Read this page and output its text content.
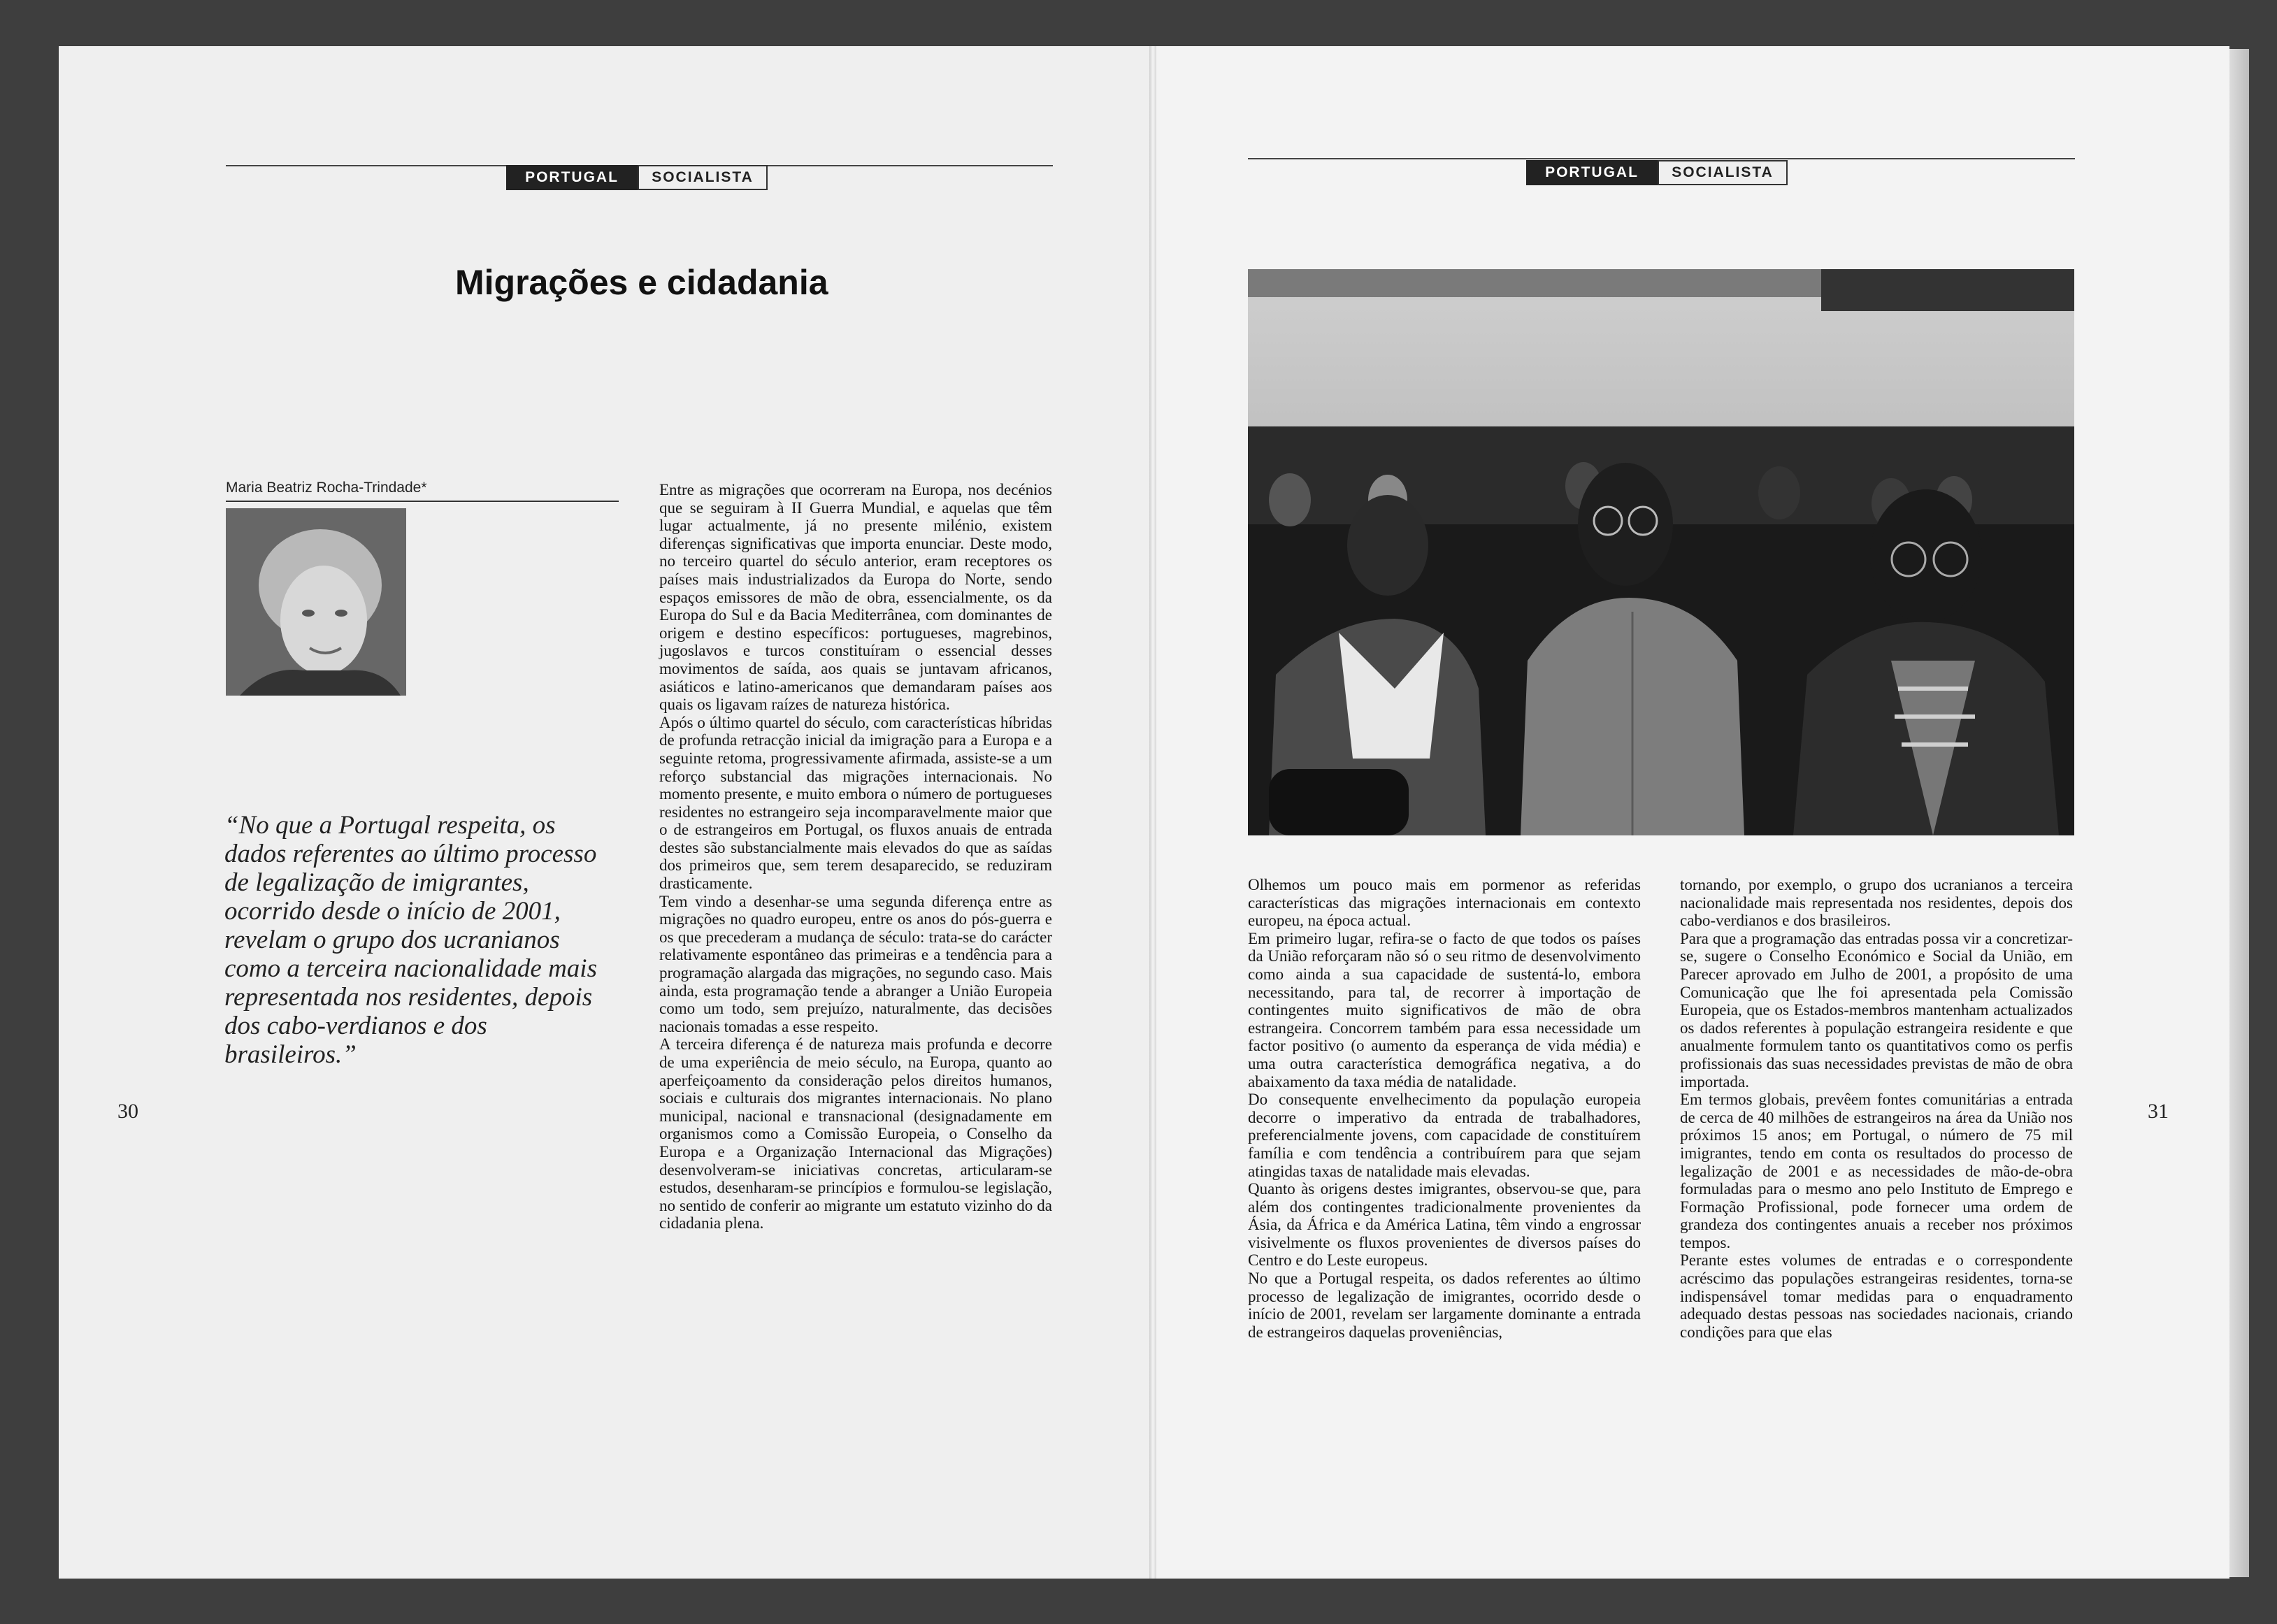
PORTUGAL	SOCIALISTA
Migrações e cidadania
Maria Beatriz Rocha-Trindade*
“No que a Portugal respeita, os
dados referentes ao último processo
de legalização de imigrantes,
ocorrido desde o início de 2001,
revelam o grupo dos ucranianos
como a terceira nacionalidade mais
representada nos residentes, depois
dos cabo-verdianos e dos
brasileiros.”
30

Entre as migrações que ocorreram na Europa, nos decénios que se seguiram à II Guerra Mundial, e aquelas que têm lugar actualmente, já no presente milénio, existem diferenças significativas que importa enunciar. Deste modo, no terceiro quartel do século anterior, eram receptores os países mais industrializados da Europa do Norte, sendo espaços emissores de mão de obra, essencialmente, os da Europa do Sul e da Bacia Mediterrânea, com dominantes de origem e destino específicos: portugueses, magrebinos, jugoslavos e turcos constituíram o essencial desses movimentos de saída, aos quais se juntavam africanos, asiáticos e latino-americanos que demandaram países aos quais os ligavam raízes de natureza histórica.

Após o último quartel do século, com características híbridas de profunda retracção inicial da imigração para a Europa e a seguinte retoma, progressivamente afirmada, assiste-se a um reforço substancial das migrações internacionais. No momento presente, e muito embora o número de portugueses residentes no estrangeiro seja incomparavelmente maior que o de estrangeiros em Portugal, os fluxos anuais de entrada destes são substancialmente mais elevados do que as saídas dos primeiros que, sem terem desaparecido, se reduziram drasticamente.

Tem vindo a desenhar-se uma segunda diferença entre as migrações no quadro europeu, entre os anos do pós-guerra e os que precederam a mudança de século: trata-se do carácter relativamente espontâneo das primeiras e a tendência para a programação alargada das migrações, no segundo caso. Mais ainda, esta programação tende a abranger a União Europeia como um todo, sem prejuízo, naturalmente, das decisões nacionais tomadas a esse respeito.

A terceira diferença é de natureza mais profunda e decorre de uma experiência de meio século, na Europa, quanto ao aperfeiçoamento da consideração pelos direitos humanos, sociais e culturais dos migrantes internacionais. No plano municipal, nacional e transnacional (designadamente em organismos como a Comissão Europeia, o Conselho da Europa e a Organização Internacional das Migrações) desenvolveram-se iniciativas concretas, articularam-se estudos, desenharam-se princípios e formulou-se legislação, no sentido de conferir ao migrante um estatuto vizinho do da cidadania plena.

PORTUGAL	SOCIALISTA

Olhemos um pouco mais em pormenor as referidas características das migrações internacionais em contexto europeu, na época actual.

Em primeiro lugar, refira-se o facto de que todos os países da União reforçaram não só o seu ritmo de desenvolvimento como ainda a sua capacidade de sustentá-lo, embora necessitando, para tal, de recorrer à importação de contingentes muito significativos de mão de obra estrangeira. Concorrem também para essa necessidade um factor positivo (o aumento da esperança de vida média) e uma outra característica demográfica negativa, a do abaixamento da taxa média de natalidade.

Do consequente envelhecimento da população europeia decorre o imperativo da entrada de trabalhadores, preferencialmente jovens, com capacidade de constituírem família e com tendência a contribuírem para que sejam atingidas taxas de natalidade mais elevadas.

Quanto às origens destes imigrantes, observou-se que, para além dos contingentes tradicionalmente provenientes da Ásia, da África e da América Latina, têm vindo a engrossar visivelmente os fluxos provenientes de diversos países do Centro e do Leste europeus.

No que a Portugal respeita, os dados referentes ao último processo de legalização de imigrantes, ocorrido desde o início de 2001, revelam ser largamente dominante a entrada de estrangeiros daquelas proveniências,

tornando, por exemplo, o grupo dos ucranianos a terceira nacionalidade mais representada nos residentes, depois dos cabo-verdianos e dos brasileiros.

Para que a programação das entradas possa vir a concretizar-se, sugere o Conselho Económico e Social da União, em Parecer aprovado em Julho de 2001, a propósito de uma Comunicação que lhe foi apresentada pela Comissão Europeia, que os Estados-membros mantenham actualizados os dados referentes à população estrangeira residente e que anualmente formulem tanto os quantitativos como os perfis profissionais das suas necessidades previstas de mão de obra importada.

Em termos globais, prevêem fontes comunitárias a entrada de cerca de 40 milhões de estrangeiros na área da União nos próximos 15 anos; em Portugal, o número de 75 mil imigrantes, tendo em conta os resultados do processo de legalização de 2001 e as necessidades de mão-de-obra formuladas para o mesmo ano pelo Instituto de Emprego e Formação Profissional, pode fornecer uma ordem de grandeza dos contingentes anuais a receber nos próximos tempos.

Perante estes volumes de entradas e o correspondente acréscimo das populações estrangeiras residentes, torna-se indispensável tomar medidas para o enquadramento adequado destas pessoas nas sociedades nacionais, criando condições para que elas

31
